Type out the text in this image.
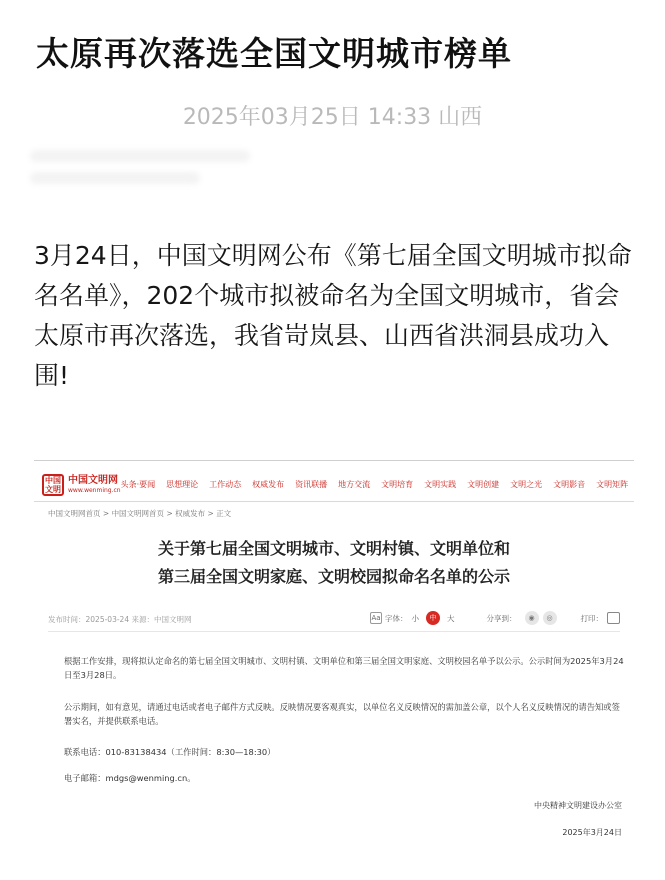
太原再次落选全国文明城市榜单
2025年03月25日 14:33 山西
3月24日，中国文明网公布《第七届全国文明城市拟命名名单》，202个城市拟被命名为全国文明城市，省会太原市再次落选，我省岢岚县、山西省洪洞县成功入围!
中国文明
中国文明网
www.wenming.cn
头条·要闻 思想理论 工作动态 权威发布 资讯联播 地方交流 文明培育 文明实践 文明创建 文明之光 文明影音 文明矩阵
中国文明网首页 > 中国文明网首页 > 权威发布 > 正文
关于第七届全国文明城市、文明村镇、文明单位和
第三届全国文明家庭、文明校园拟命名名单的公示
发布时间：2025-03-24 来源：中国文明网	Aa 字体： 小	中	大	分享到：	◉	◎	打印：
根据工作安排，现将拟认定命名的第七届全国文明城市、文明村镇、文明单位和第三届全国文明家庭、文明校园名单予以公示。公示时间为2025年3月24日至3月28日。
公示期间，如有意见，请通过电话或者电子邮件方式反映。反映情况要客观真实，以单位名义反映情况的需加盖公章，以个人名义反映情况的请告知或签署实名，并提供联系电话。
联系电话：010-83138434（工作时间：8:30—18:30）
电子邮箱：mdgs@wenming.cn。
中央精神文明建设办公室
2025年3月24日
